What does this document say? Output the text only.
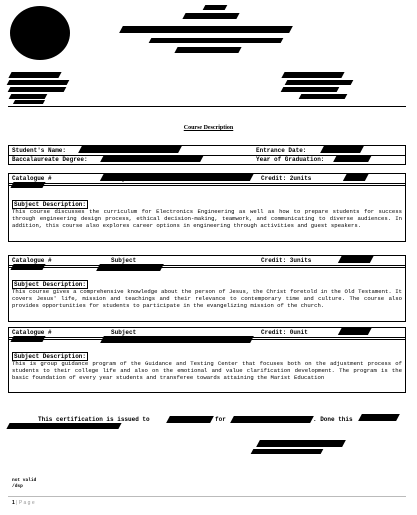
Course Description
Student's Name:	Entrance Date:
Baccalaureate Degree:	Year of Graduation:
Catalogue #	Credit: 2units
Subject Description:
This course discusses the curriculum for Electronics Engineering as well as how to prepare students for success through engineering design process, ethical decision-making, teamwork, and communicating to diverse audiences. In addition, this course also explores career options in engineering through activities and guest speakers.
Catalogue #	Subject	Credit: 3units
Subject Description:
This course gives a comprehensive knowledge about the person of Jesus, the Christ foretold in the Old Testament. It covers Jesus' life, mission and teachings and their relevance to contemporary time and culture. The course also provides opportunities for students to participate in the evangelizing mission of the church.
Catalogue #	Subject	Credit: 0unit
Subject Description:
This is group guidance program of the Guidance and Testing Center that focuses both on the adjustment process of students to their college life and also on the emotional and value clarification development. The program is the basic foundation of every year students and transferee towards attaining the Marist Education
This certification is issued to	for	. Done this
not valid
/dsp
1 | P a g e
